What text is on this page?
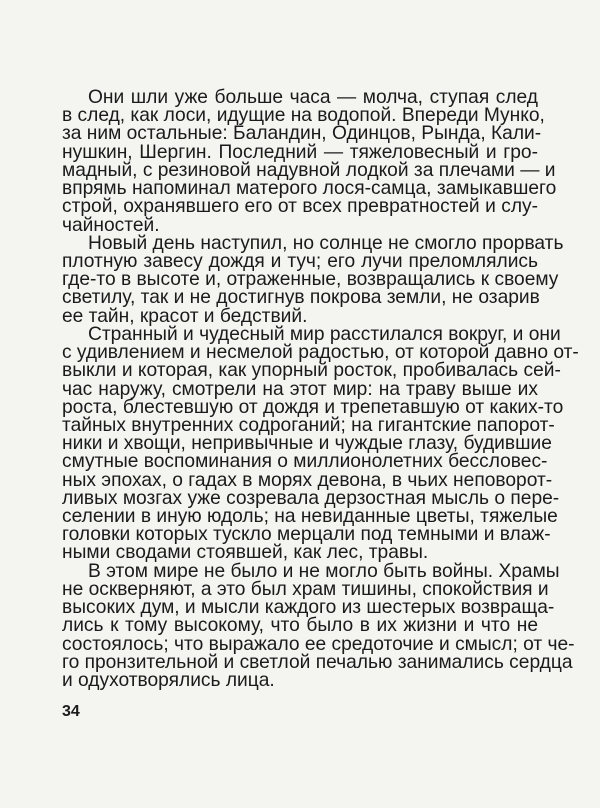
Они шли уже больше часа — молча, ступая след

в след, как лоси, идущие на водопой. Впереди Мунко,

за ним остальные: Баландин, Одинцов, Рында, Кали-

нушкин, Шергин. Последний — тяжеловесный и гро-

мадный, с резиновой надувной лодкой за плечами — и

впрямь напоминал матерого лося-самца, замыкавшего

строй, охранявшего его от всех превратностей и слу-

чайностей.

Новый день наступил, но солнце не смогло прорвать

плотную завесу дождя и туч; его лучи преломлялись

где-то в высоте и, отраженные, возвращались к своему

светилу, так и не достигнув покрова земли, не озарив

ее тайн, красот и бедствий.

Странный и чудесный мир расстилался вокруг, и они

с удивлением и несмелой радостью, от которой давно от-

выкли и которая, как упорный росток, пробивалась сей-

час наружу, смотрели на этот мир: на траву выше их

роста, блестевшую от дождя и трепетавшую от каких-то

тайных внутренних содроганий; на гигантские папорот-

ники и хвощи, непривычные и чуждые глазу, будившие

смутные воспоминания о миллионолетних бессловес-

ных эпохах, о гадах в морях девона, в чьих неповорот-

ливых мозгах уже созревала дерзостная мысль о пере-

селении в иную юдоль; на невиданные цветы, тяжелые

головки которых тускло мерцали под темными и влаж-

ными сводами стоявшей, как лес, травы.

В этом мире не было и не могло быть войны. Храмы

не оскверняют, а это был храм тишины, спокойствия и

высоких дум, и мысли каждого из шестерых возвраща-

лись к тому высокому, что было в их жизни и что не

состоялось; что выражало ее средоточие и смысл; от че-

го пронзительной и светлой печалью занимались сердца

и одухотворялись лица.

34
